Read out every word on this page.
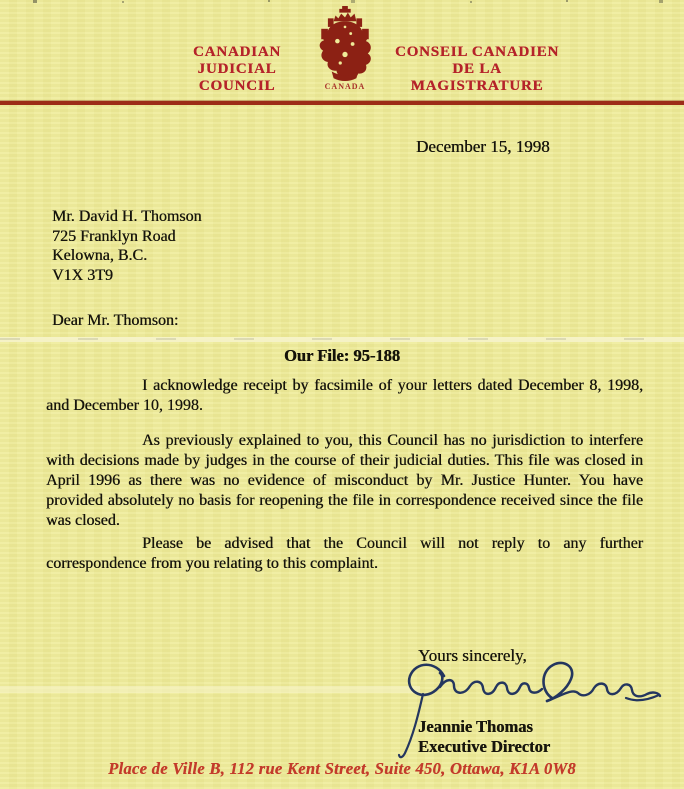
CANADIAN JUDICIAL
COUNCIL	CANADA
CONSEIL CANADIEN
DE LA MAGISTRATURE
December 15, 1998
Mr. David H. Thomson
725 Franklyn Road
Kelowna, B.C.
V1X 3T9
Dear Mr. Thomson:
Our File: 95-188

I acknowledge receipt by facsimile of your letters dated December 8, 1998, and December 10, 1998.

As previously explained to you, this Council has no jurisdiction to interfere with decisions made by judges in the course of their judicial duties. This file was closed in April 1996 as there was no evidence of misconduct by Mr. Justice Hunter. You have provided absolutely no basis for reopening the file in correspondence received since the file was closed.

Please be advised that the Council will not reply to any further correspondence from you relating to this complaint.

Yours sincerely,
Jeannie Thomas
Executive Director
Place de Ville B, 112 rue Kent Street, Suite 450, Ottawa, K1A 0W8
